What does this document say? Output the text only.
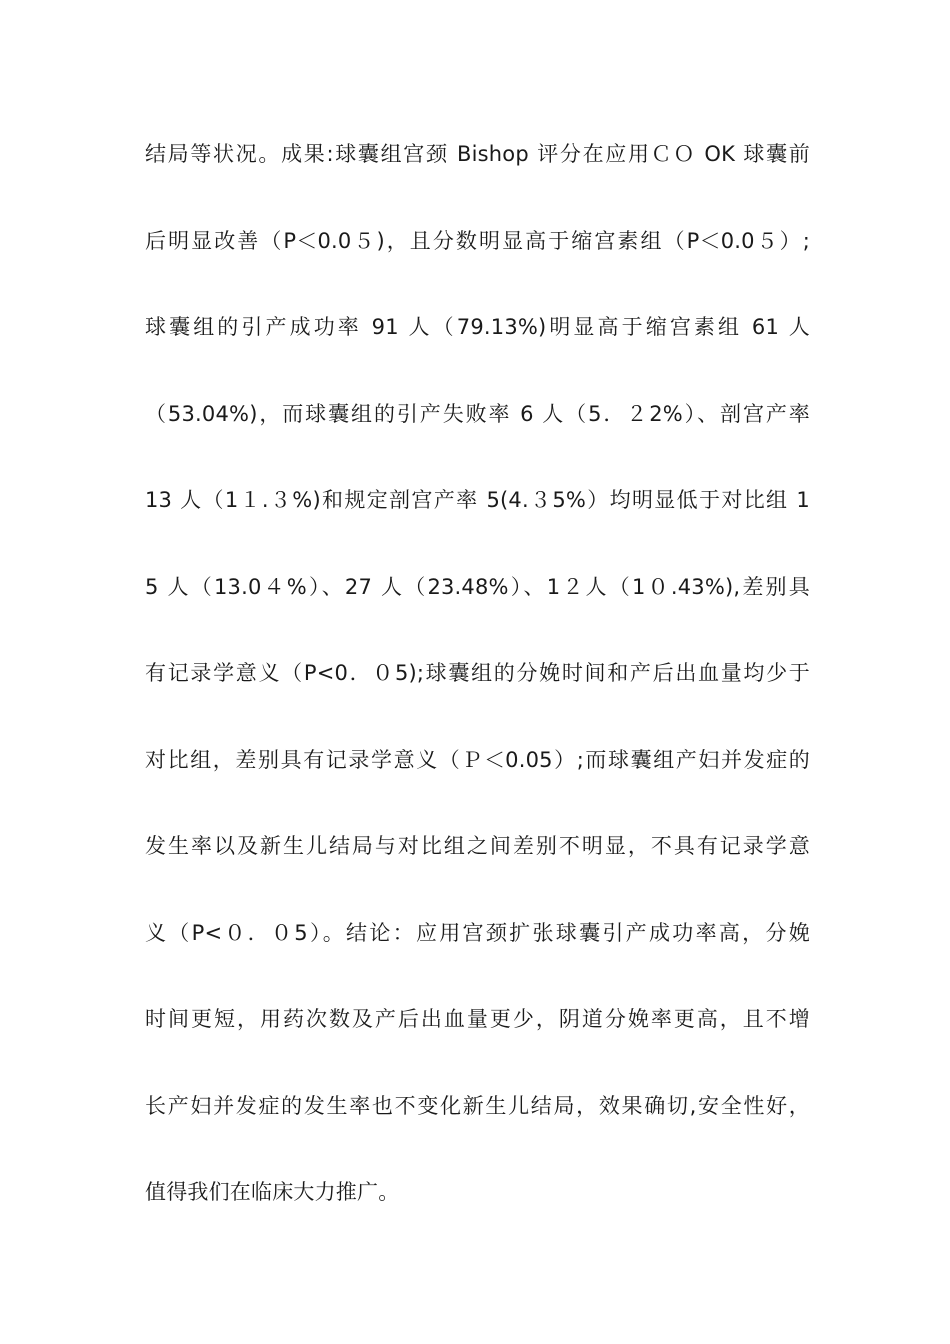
结局等状况。成果:球囊组宫颈 Bishop 评分在应用ＣＯ OK 球囊前
后明显改善（P＜0.0５)，且分数明显高于缩宫素组（P＜0.0５）;
球囊组的引产成功率 91 人（79.13%)明显高于缩宫素组 61 人
（53.04%)，而球囊组的引产失败率 6 人（5．２2%）、剖宫产率
13 人（1１.３%)和规定剖宫产率 5(4.３5%）均明显低于对比组 1
5 人（13.0４%）、27 人（23.48%）、1２人（1０.43%),差别具
有记录学意义（P<0．０5);球囊组的分娩时间和产后出血量均少于
对比组，差别具有记录学意义（Ｐ＜0.05）;而球囊组产妇并发症的
发生率以及新生儿结局与对比组之间差别不明显，不具有记录学意
义（P<０．０5）。结论：应用宫颈扩张球囊引产成功率高，分娩
时间更短，用药次数及产后出血量更少，阴道分娩率更高，且不增
长产妇并发症的发生率也不变化新生儿结局，效果确切,安全性好，
值得我们在临床大力推广。
